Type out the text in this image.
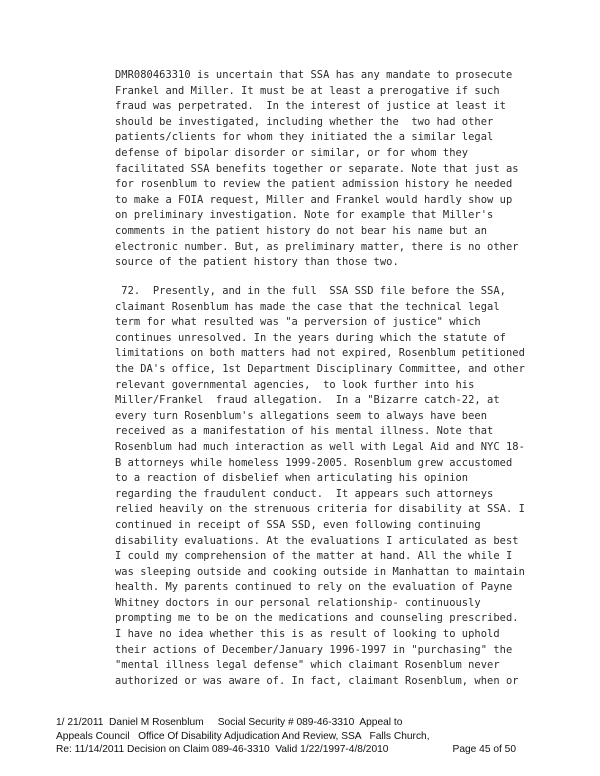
DMR080463310 is uncertain that SSA has any mandate to prosecute
Frankel and Miller. It must be at least a prerogative if such
fraud was perpetrated.  In the interest of justice at least it
should be investigated, including whether the  two had other
patients/clients for whom they initiated the a similar legal
defense of bipolar disorder or similar, or for whom they
facilitated SSA benefits together or separate. Note that just as
for rosenblum to review the patient admission history he needed
to make a FOIA request, Miller and Frankel would hardly show up
on preliminary investigation. Note for example that Miller's
comments in the patient history do not bear his name but an
electronic number. But, as preliminary matter, there is no other
source of the patient history than those two.
72.  Presently, and in the full  SSA SSD file before the SSA,
claimant Rosenblum has made the case that the technical legal
term for what resulted was "a perversion of justice" which
continues unresolved. In the years during which the statute of
limitations on both matters had not expired, Rosenblum petitioned
the DA's office, 1st Department Disciplinary Committee, and other
relevant governmental agencies,  to look further into his
Miller/Frankel  fraud allegation.  In a "Bizarre catch-22, at
every turn Rosenblum's allegations seem to always have been
received as a manifestation of his mental illness. Note that
Rosenblum had much interaction as well with Legal Aid and NYC 18-
B attorneys while homeless 1999-2005. Rosenblum grew accustomed
to a reaction of disbelief when articulating his opinion
regarding the fraudulent conduct.  It appears such attorneys
relied heavily on the strenuous criteria for disability at SSA. I
continued in receipt of SSA SSD, even following continuing
disability evaluations. At the evaluations I articulated as best
I could my comprehension of the matter at hand. All the while I
was sleeping outside and cooking outside in Manhattan to maintain
health. My parents continued to rely on the evaluation of Payne
Whitney doctors in our personal relationship- continuously
prompting me to be on the medications and counseling prescribed.
I have no idea whether this is as result of looking to uphold
their actions of December/January 1996-1997 in "purchasing" the
"mental illness legal defense" which claimant Rosenblum never
authorized or was aware of. In fact, claimant Rosenblum, when or
1/ 21/2011  Daniel M Rosenblum     Social Security # 089-46-3310  Appeal to
Appeals Council   Office Of Disability Adjudication And Review, SSA   Falls Church,
Re: 11/14/2011 Decision on Claim 089-46-3310  Valid 1/22/1997-4/8/2010	Page 45 of 50
